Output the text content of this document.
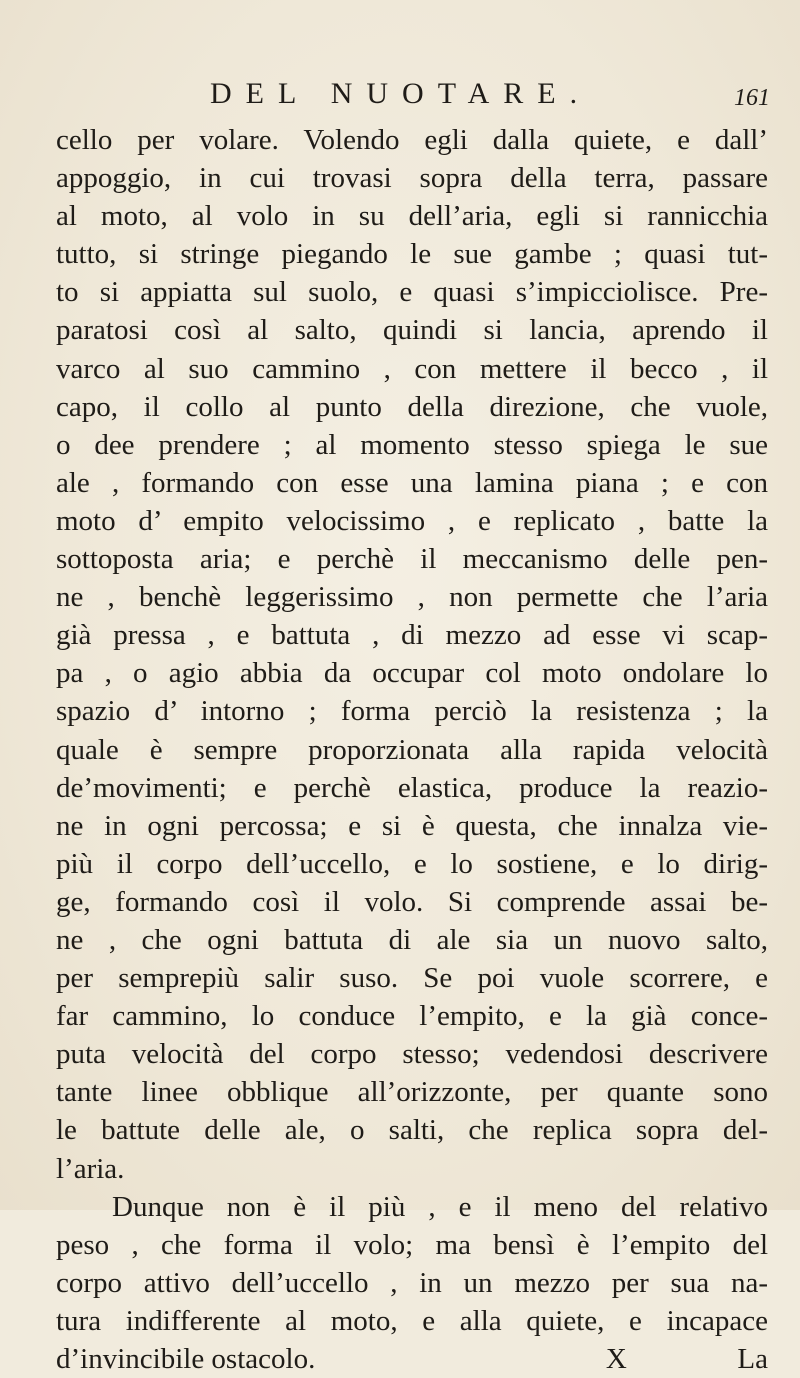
DEL NUOTARE.	161
cello per volare. Volendo egli dalla quiete, e dall’
appoggio, in cui trovasi sopra della terra, passare
al moto, al volo in su dell’aria, egli si rannicchia
tutto, si stringe piegando le sue gambe ; quasi tut-
to si appiatta sul suolo, e quasi s’impicciolisce. Pre-
paratosi così al salto, quindi si lancia, aprendo il
varco al suo cammino , con mettere il becco , il
capo, il collo al punto della direzione, che vuole,
o dee prendere ; al momento stesso spiega le sue
ale , formando con esse una lamina piana ; e con
moto d’ empito velocissimo , e replicato , batte la
sottoposta aria; e perchè il meccanismo delle pen-
ne , benchè leggerissimo , non permette che l’aria
già pressa , e battuta , di mezzo ad esse vi scap-
pa , o agio abbia da occupar col moto ondolare lo
spazio d’ intorno ; forma perciò la resistenza ; la
quale è sempre proporzionata alla rapida velocità
de’movimenti; e perchè elastica, produce la reazio-
ne in ogni percossa; e si è questa, che innalza vie-
più il corpo dell’uccello, e lo sostiene, e lo dirig-
ge, formando così il volo. Si comprende assai be-
ne , che ogni battuta di ale sia un nuovo salto,
per semprepiù salir suso. Se poi vuole scorrere, e
far cammino, lo conduce l’empito, e la già conce-
puta velocità del corpo stesso; vedendosi descrivere
tante linee obblique all’orizzonte, per quante sono
le battute delle ale, o salti, che replica sopra del-
l’aria.
Dunque non è il più , e il meno del relativo
peso , che forma il volo; ma bensì è l’empito del
corpo attivo dell’uccello , in un mezzo per sua na-
tura indifferente al moto, e alla quiete, e incapace
d’invincibile ostacolo.	X	La
